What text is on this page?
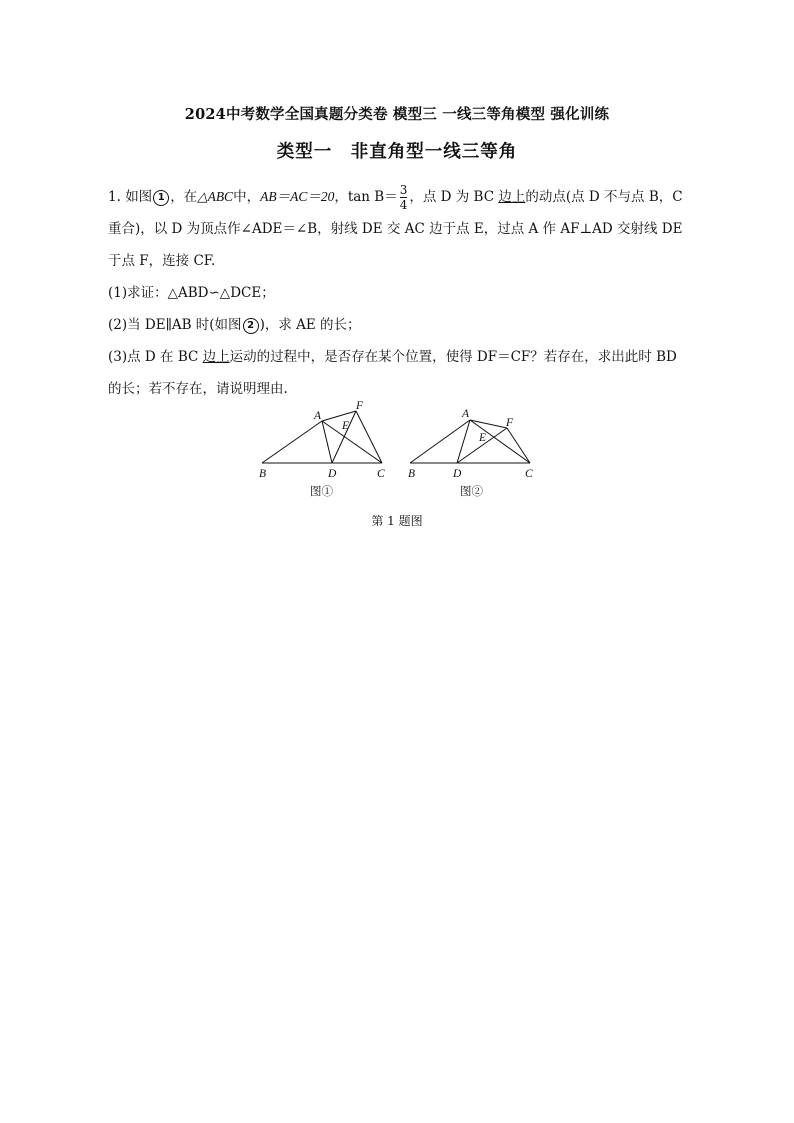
2024中考数学全国真题分类卷 模型三 一线三等角模型 强化训练
类型一　非直角型一线三等角
1. 如图 1 ，在△ABC中，AB＝AC＝20，$\tan B= \frac{3}{4}$ ，点 D 为 BC 边上的动点(点 D 不与点 B，C
重合)，以 D 为顶点作∠ADE＝∠B，射线 DE 交 AC 边于点 E，过点 A 作 AF⊥AD 交射线 DE
于点 F，连接 CF.
(1)求证：△ABD∽△DCE；
(2)当 DE∥AB 时(如图 2 )，求 AE 的长；
(3)点 D 在 BC 边上运动的过程中，是否存在某个位置，使得 DF＝CF？若存在，求出此时 BD
的长；若不存在，请说明理由.
A
F
E
B	D	C
图①
A
F
E
B	D	C
图②
第 1 题图
